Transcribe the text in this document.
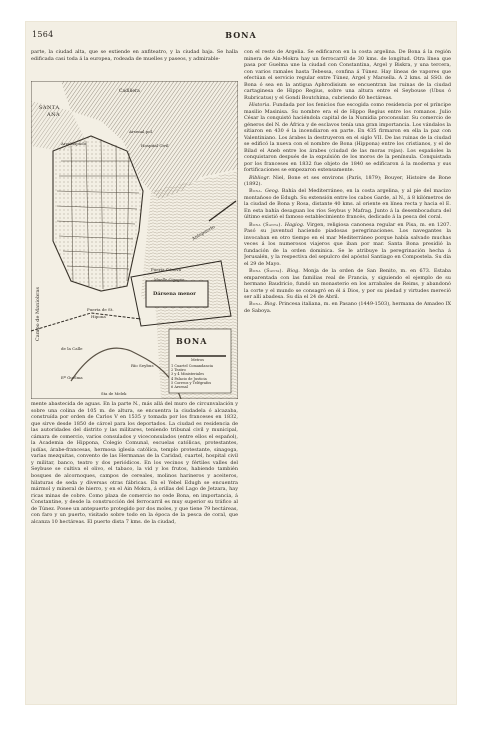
1564	BONA

parte, la ciudad alta, que se extiende en anfiteatro, y la ciudad baja. Se halla edificada casi toda á la europea, rodeada de muelles y paseos, y admirable-

Cadiliera
SANTA
ANA
Arsenal pol.
Arzobispado	Hospital Civil
Campo de Maniobras
Puerta Génova
Muelle Cigogne
Dársena menor
Antepuerto
Puerta de St.
Hipona
de la Calle
Eª Guelma
Río Seybus
BONA
Metros
1 Cuartel Comandancia
2 Teatro
3 y 4 Ministeriales
4 Palacio de Justicia
5 Correos y Telégrafos
6 Arsenal
Sta de Melek

mente abastecida de aguas. En la parte N., más allá del muro de circunvalación y sobre una colina de 105 m. de altura, se encuentra la ciudadela ó alcazaba, construída por orden de Carlos V en 1535 y tomada por los franceses en 1832, que sirve desde 1850 de cárcel para los deportados. La ciudad es residencia de las autoridades del distrito y las militares, teniendo tribunal civil y municipal, cámara de comercio, varios consulados y viceconsulados (entre ellos el español), la Academia de Hippona, Colegio Comunal, escuelas católicas, protestantes, judías, árabe-francesas, hermosa iglesia católica, templo protestante, sinagoga, varias mezquitas, convento de las Hermanas de la Caridad, cuartel, hospital civil y militar, banco, teatro y dos periódicos. En los vecinos y fértiles valles del Seybuse se cultiva el olivo, el tabaco, la vid y los frutos, habiendo también bosques de alcornoques, campos de cereales, molinos harineros y aceiteros, hilaturas de seda y diversas otras fábricas. En el Yebel Edugh se encuentra mármol y mineral de hierro, y en el Ain Mokra, á orillas del Lago de Jetzara, hay ricas minas de cobre. Como plaza de comercio no cede Bona, en importancia, á Constantine, y desde la construcción del ferrocarril es muy superior su tráfico al de Túnez. Posee un antepuerto protegido por dos moles, y que tiene 79 hectáreas, con faro y un puerto, visitado sobre todo en la época de la pesca de coral, que alcanza 10 hectáreas. El puerto dista 7 kms. de la ciudad,

con el resto de Argelia. Se edificaron en la costa argelina. De Bona á la región minera de Ain-Mokra hay un ferrocarril de 30 kms. de longitud. Otra línea que pasa por Guelma une la ciudad con Constantina, Argel y Biskra, y una tercera, con varios ramales hasta Tebessa, confina á Túnez. Hay líneas de vapores que efectúan el servicio regular entre Túnez, Argel y Marsella. A 2 kms. al SSO. de Bona ó sea en la antigua Aphrodisium se encuentran las ruinas de la ciudad cartaginesa de Hippo Regius, sobre una altura entre el Seybouse (Ubus ó Rubricatus) y el Gondi Boutchima, cubriendo 60 hectáreas.

Historia. Fundada por los fenicios fue escogida como residencia por el príncipe masilio Masinisa. Su nombre era el de Hippo Regius entre los romanos. Julio César la conquistó haciéndola capital de la Numidia proconsular. Su comercio de géneros del N. de África y de esclavos tenía una gran importancia. Los vándalos la sitiaron en 430 é la incendiaron en parte. En 435 firmaron en ella la paz con Valentiniano. Los árabes la destruyeron en el siglo VII. De las ruinas de la ciudad se edificó la nueva con el nombre de Bona (Hippona) entre los cristianos, y el de Bilad el Aneb entre los árabes (ciudad de las moras rojas). Los españoles la conquistaron después de la expulsión de los moros de la península. Conquistada por los franceses en 1832 fue objeto de 1840 se edificaron á la moderna y sus fortificaciones se empezaron extensamente.

Bibliogr. Niel, Bone et ses environs (París, 1879); Bouyer, Histoire de Bone (1892).

Bona. Geog. Bahía del Mediterráneo, en la costa argelina, y al pie del macizo montañoso de Edugh. Su extensión entre los cabos Garde, al N., á 8 kilómetros de la ciudad de Bona y Rosa, distante 40 kms. al oriente en línea recta y hacia el E. En esta bahía desaguan los ríos Seybus y Mafrag. Junto á la desembocadura del último existió el famoso establecimiento francés, dedicado á la pesca del coral.

Bona (Santa). Hagiog. Virgen, religiosa canonesa regular en Pisa, m. en 1207. Pasó su juventud haciendo piadosas peregrinaciones. Los navegantes la invocaban en otro tiempo en el mar Mediterráneo porque había salvado muchas veces á los numerosos viajeros que iban por mar. Santa Bona presidió la fundación de la orden dominica. Se le atribuye la peregrinación hecha á Jerusalén, y la respectiva del sepulcro del apóstol Santiago en Compostela. Su día el 29 de Mayo.

Bona (Santa). Biog. Monja de la orden de San Benito, m. en 673. Estaba emparentada con las familias real de Francia, y siguiendo el ejemplo de su hermano Baudricio, fundó un monasterio en los arrabales de Reims, y abandonó la corte y el mundo se consagró en él á Dios, y por su piedad y virtudes mereció ser allí abadesa. Su día el 24 de Abril.

Bona. Biog. Princesa italiana, m. en Pasano (1449-1503), hermana de Amadeo IX de Saboya.
